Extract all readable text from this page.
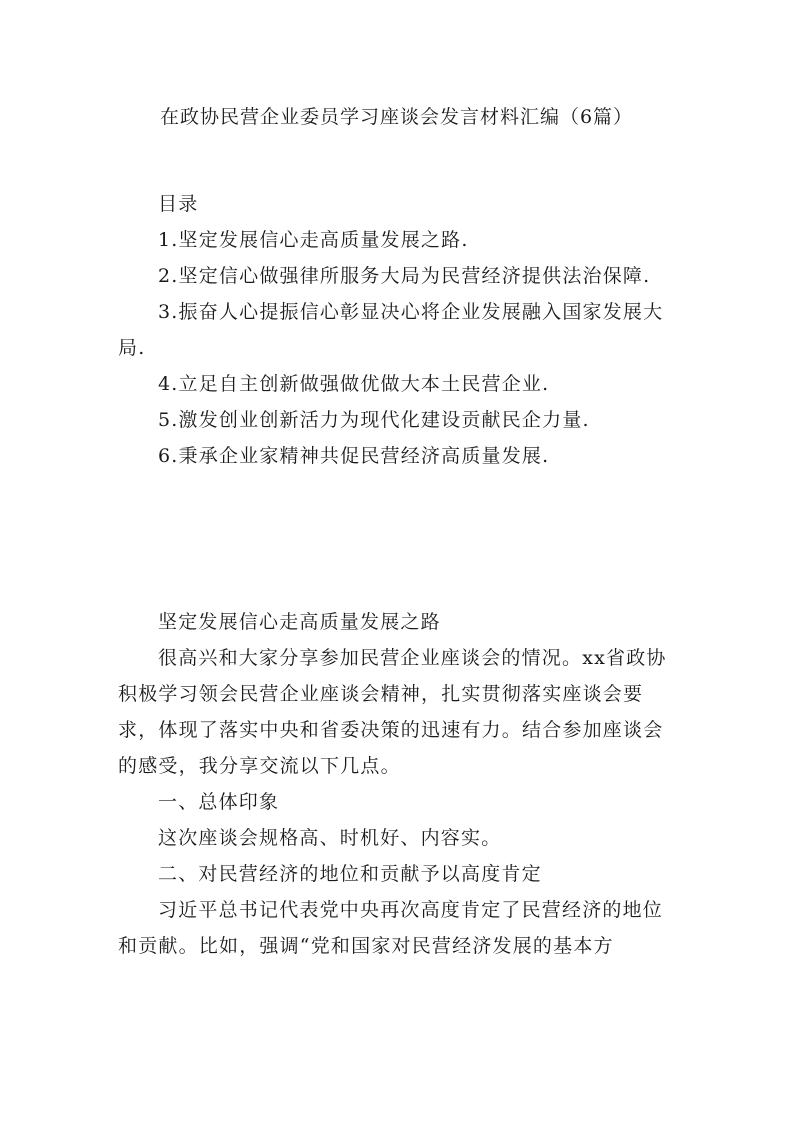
在政协民营企业委员学习座谈会发言材料汇编（6篇）

目录

1.坚定发展信心走高质量发展之路.

2.坚定信心做强律所服务大局为民营经济提供法治保障.

3.振奋人心提振信心彰显决心将企业发展融入国家发展大局.

4.立足自主创新做强做优做大本土民营企业.

5.激发创业创新活力为现代化建设贡献民企力量.

6.秉承企业家精神共促民营经济高质量发展.

坚定发展信心走高质量发展之路

很高兴和大家分享参加民营企业座谈会的情况。xx省政协积极学习领会民营企业座谈会精神，扎实贯彻落实座谈会要求，体现了落实中央和省委决策的迅速有力。结合参加座谈会的感受，我分享交流以下几点。

一、总体印象

这次座谈会规格高、时机好、内容实。

二、对民营经济的地位和贡献予以高度肯定

习近平总书记代表党中央再次高度肯定了民营经济的地位和贡献。比如，强调“党和国家对民营经济发展的基本方
